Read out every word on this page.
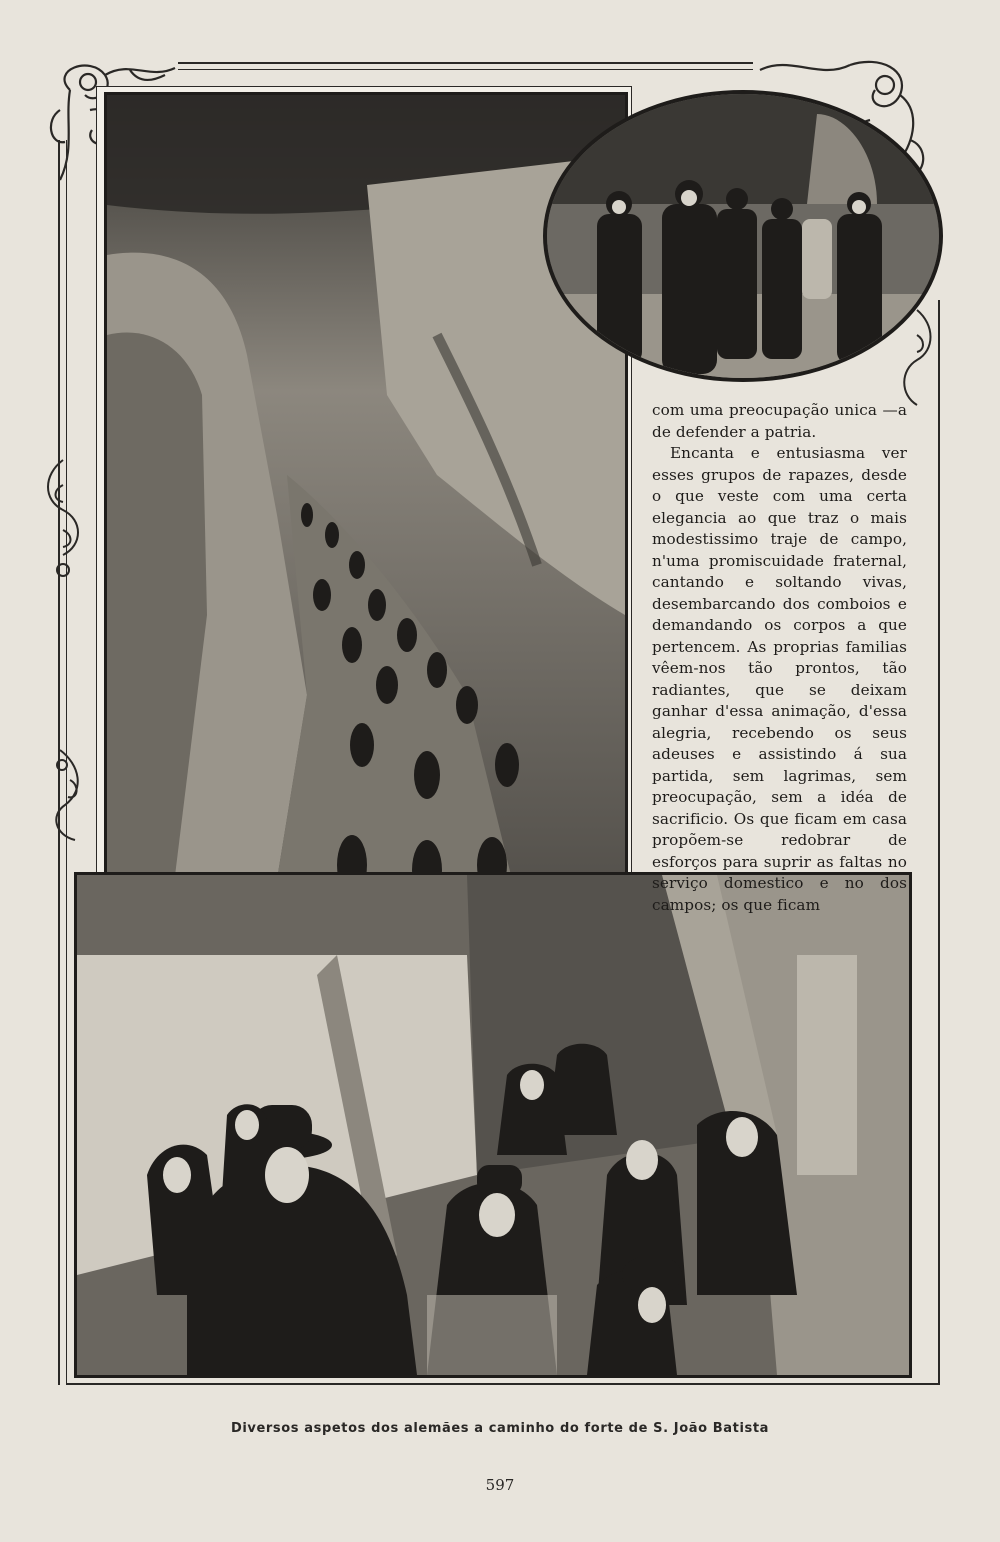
com uma preocupação unica —a de defender a patria.

Encanta e entusiasma ver esses grupos de rapazes, desde o que veste com uma certa elegancia ao que traz o mais modestissimo traje de campo, n'uma promiscuidade fraternal, cantando e soltando vivas, desembarcando dos comboios e demandando os corpos a que pertencem. As proprias familias vêem-nos tão prontos, tão radiantes, que se deixam ganhar d'essa animação, d'essa alegria, recebendo os seus adeuses e assistindo á sua partida, sem lagrimas, sem preocupação, sem a idéa de sacrificio. Os que ficam em casa propõem-se redobrar de esforços para suprir as faltas no serviço domestico e no dos campos; os que ficam

Diversos aspetos dos alemães a caminho do forte de S. João Batista
597
